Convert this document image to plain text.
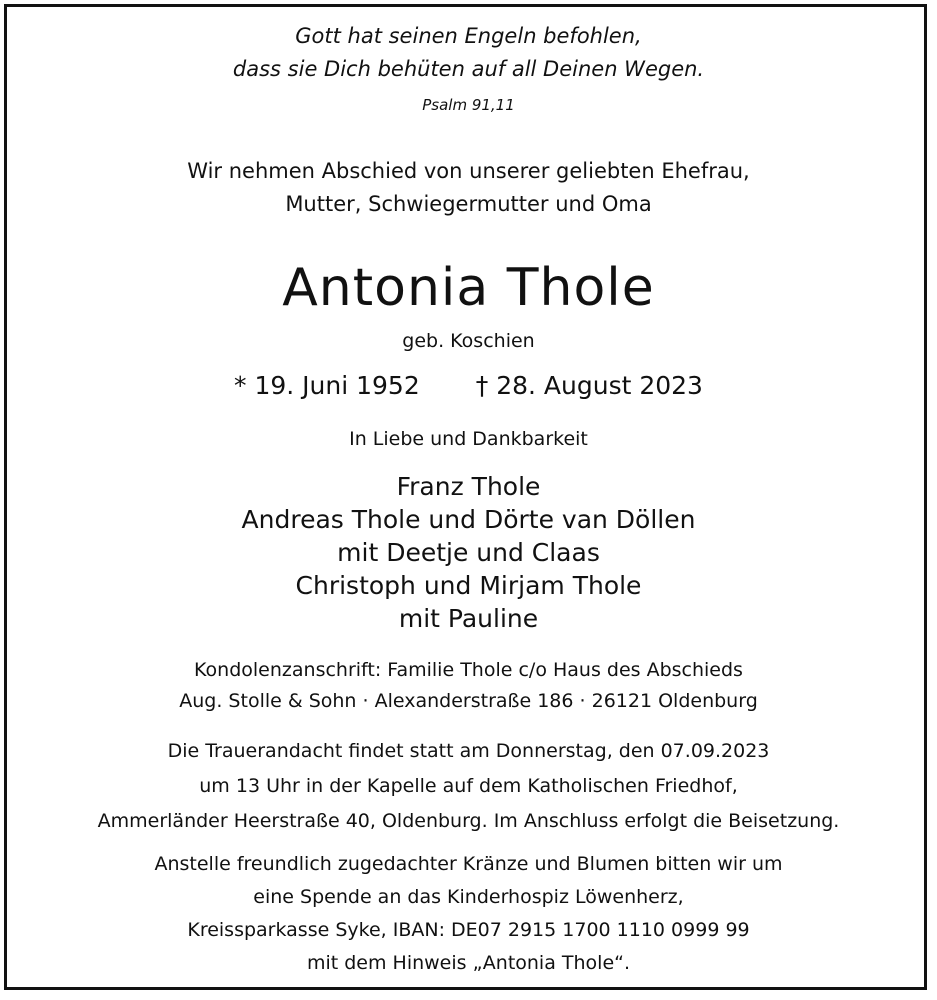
Gott hat seinen Engeln befohlen,
dass sie Dich behüten auf all Deinen Wegen.
Psalm 91,11
Wir nehmen Abschied von unserer geliebten Ehefrau,
Mutter, Schwiegermutter und Oma
Antonia Thole
geb. Koschien
* 19. Juni 1952 † 28. August 2023
In Liebe und Dankbarkeit
Franz Thole
Andreas Thole und Dörte van Döllen
mit Deetje und Claas
Christoph und Mirjam Thole
mit Pauline
Kondolenzanschrift: Familie Thole c/o Haus des Abschieds
Aug. Stolle & Sohn · Alexanderstraße 186 · 26121 Oldenburg
Die Trauerandacht findet statt am Donnerstag, den 07.09.2023
um 13 Uhr in der Kapelle auf dem Katholischen Friedhof,
Ammerländer Heerstraße 40, Oldenburg. Im Anschluss erfolgt die Beisetzung.
Anstelle freundlich zugedachter Kränze und Blumen bitten wir um
eine Spende an das Kinderhospiz Löwenherz,
Kreissparkasse Syke, IBAN: DE07 2915 1700 1110 0999 99
mit dem Hinweis „Antonia Thole“.
